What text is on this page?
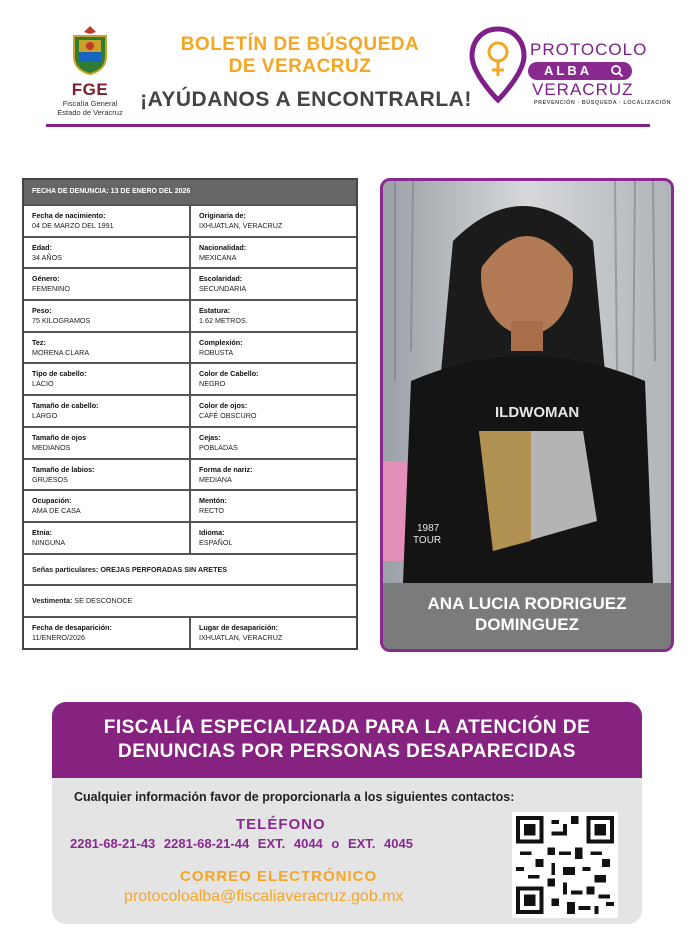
FGE
Fiscalía General
Estado de Veracruz
BOLETÍN DE BÚSQUEDA
DE VERACRUZ
¡AYÚDANOS A ENCONTRARLA!
PROTOCOLO
ALBA
VERACRUZ
PREVENCIÓN · BÚSQUEDA · LOCALIZACIÓN
FECHA DE DENUNCIA: 13 DE ENERO DEL 2026
Fecha de nacimiento:
04 DE MARZO DEL 1991
Originaria de:
IXHUATLAN, VERACRUZ
Edad:
34 AÑOS
Nacionalidad:
MEXICANA
Género:
FEMENINO
Escolaridad:
SECUNDARIA
Peso:
75 KILOGRAMOS
Estatura:
1.62 METROS.
Tez:
MORENA CLARA
Complexión:
ROBUSTA
Tipo de cabello:
LACIO
Color de Cabello:
NEGRO
Tamaño de cabello:
LARGO
Color de ojos:
CAFÉ OBSCURO
Tamaño de ojos
MEDIANOS
Cejas:
POBLADAS
Tamaño de labios:
GRUESOS
Forma de nariz:
MEDIANA
Ocupación:
AMA DE CASA
Mentón:
RECTO
Etnia:
NINGUNA
Idioma:
ESPAÑOL
Señas particulares: OREJAS PERFORADAS SIN ARETES
Vestimenta: SE DESCONOCE
Fecha de desaparición:
11/ENERO/2026
Lugar de desaparición:
IXHUATLAN, VERACRUZ
ILDWOMAN
1987
TOUR
ANA LUCIA RODRIGUEZ
DOMINGUEZ
FISCALÍA ESPECIALIZADA PARA LA ATENCIÓN DE
DENUNCIAS POR PERSONAS DESAPARECIDAS
Cualquier información favor de proporcionarla a los siguientes contactos:
TELÉFONO
2281-68-21-43 2281-68-21-44 EXT. 4044 o EXT. 4045
CORREO ELECTRÓNICO
protocoloalba@fiscaliaveracruz.gob.mx
